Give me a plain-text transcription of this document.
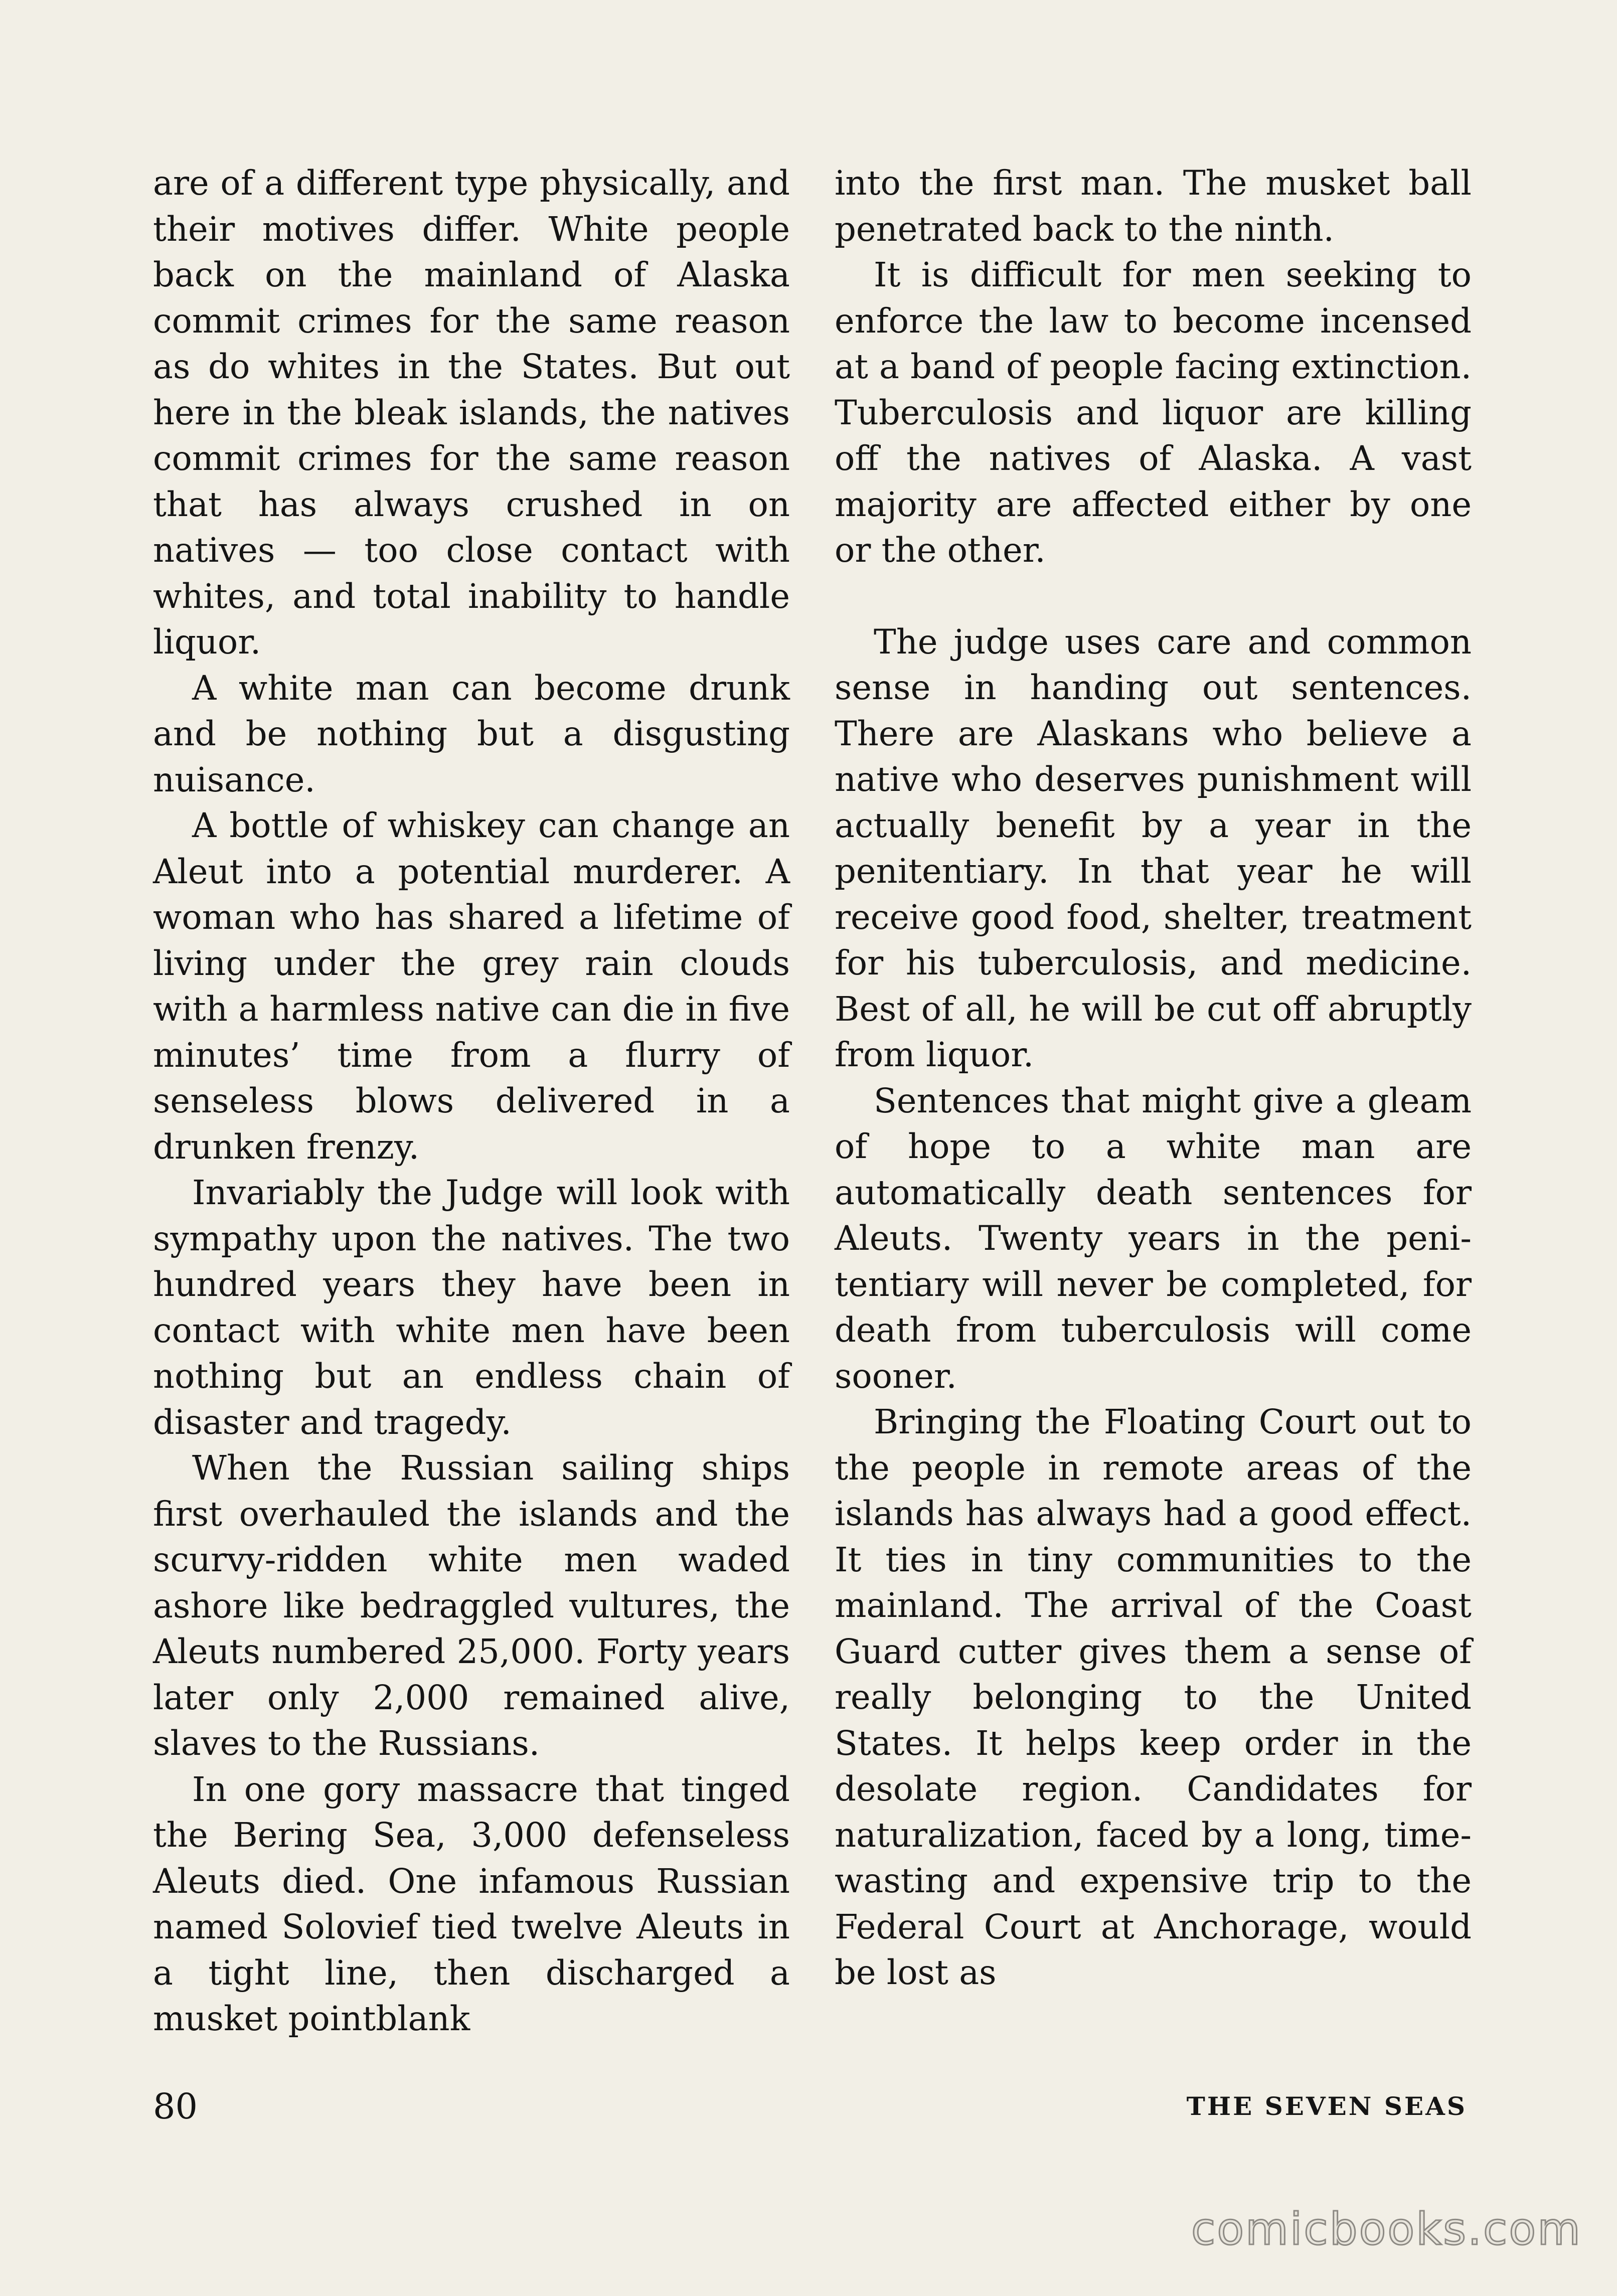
are of a different type physically, and their motives differ. White people back on the mainland of Alaska commit crimes for the same reason as do whites in the States. But out here in the bleak islands, the natives commit crimes for the same reason that has always crushed in on natives — too close contact with whites, and total inability to handle liquor.

A white man can become drunk and be nothing but a disgusting nuisance.

A bottle of whiskey can change an Aleut into a potential murderer. A woman who has shared a lifetime of living under the grey rain clouds with a harmless native can die in five minutes’ time from a flurry of senseless blows delivered in a drunken frenzy.

Invariably the Judge will look with sympathy upon the natives. The two hundred years they have been in contact with white men have been nothing but an endless chain of disaster and tragedy.

When the Russian sailing ships first overhauled the islands and the scurvy-ridden white men waded ashore like bedraggled vultures, the Aleuts numbered 25,000. Forty years later only 2,000 remained alive, slaves to the Russians.

In one gory massacre that tinged the Bering Sea, 3,000 defenseless Aleuts died. One infamous Russian named Solovief tied twelve Aleuts in a tight line, then discharged a musket pointblank

into the first man. The musket ball penetrated back to the ninth.

It is difficult for men seeking to enforce the law to become incensed at a band of people facing extinction. Tuberculosis and liquor are killing off the natives of Alaska. A vast majority are affected either by one or the other.

The judge uses care and common sense in handing out sentences. There are Alaskans who believe a native who deserves punishment will actually benefit by a year in the penitentiary. In that year he will receive good food, shelter, treatment for his tuberculosis, and medicine. Best of all, he will be cut off abruptly from liquor.

Sentences that might give a gleam of hope to a white man are automatically death sentences for Aleuts. Twenty years in the penitentiary will never be completed, for death from tuberculosis will come sooner.

Bringing the Floating Court out to the people in remote areas of the islands has always had a good effect. It ties in tiny communities to the mainland. The arrival of the Coast Guard cutter gives them a sense of really belonging to the United States. It helps keep order in the desolate region. Candidates for naturalization, faced by a long, time-wasting and expensive trip to the Federal Court at Anchorage, would be lost as

80	THE SEVEN SEAS
comicbooks.com
